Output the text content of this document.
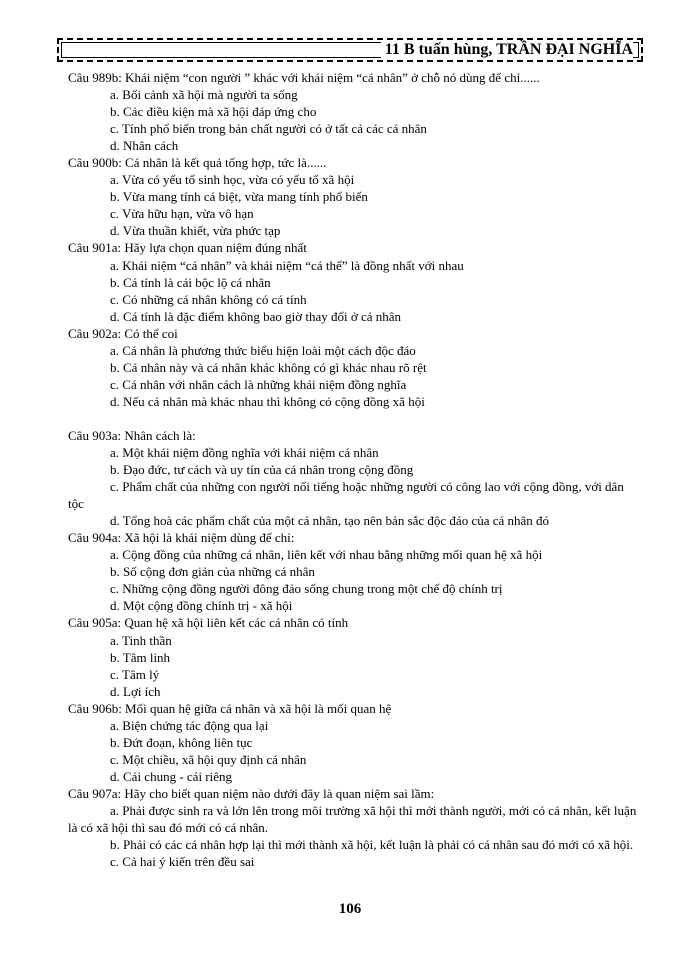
11 B tuấn hùng, TRẦN ĐẠI NGHĨA
Câu 989b: Khái niệm “con người ” khác với khái niệm “cá nhân” ở chỗ nó dùng để chỉ......
a. Bối cảnh xã hội mà người ta sống
b. Các điều kiện mà xã hội đáp ứng cho
c. Tính phổ biến trong bản chất người có ở tất cả các cá nhân
d. Nhân cách
Câu 900b: Cá nhân là kết quả tổng hợp, tức là......
a. Vừa có yếu tố sinh học, vừa có yếu tố xã hội
b. Vừa mang tính cá biệt, vừa mang tính phổ biến
c. Vừa hữu hạn, vừa vô hạn
d. Vừa thuần khiết, vừa phức tạp
Câu 901a: Hãy lựa chọn quan niệm đúng nhất
a. Khái niệm “cá nhân” và khái niệm “cá thể” là đồng nhất với nhau
b. Cá tính là cái bộc lộ cá nhân
c. Có những cá nhân không có cá tính
d. Cá tính là đặc điểm không bao giờ thay đổi ở cá nhân
Câu 902a: Có thể coi
a. Cá nhân là phương thức biểu hiện loài một cách độc đáo
b. Cá nhân này và cá nhân khác không có gì khác nhau rõ rệt
c. Cá nhân với nhân cách là những khái niệm đồng nghĩa
d. Nếu cá nhân mà khác nhau thì không có cộng đồng xã hội
Câu 903a: Nhân cách là:
a. Một khái niệm đồng nghĩa với khái niệm cá nhân
b. Đạo đức, tư cách và uy tín của cá nhân trong cộng đồng
c. Phẩm chất của những con người nổi tiếng hoặc những người có công lao với cộng đồng, với dân tộc
d. Tổng hoà các phẩm chất của một cá nhân, tạo nên bản sắc độc đáo của cá nhân đó
Câu 904a: Xã hội là khái niệm dùng để chỉ:
a. Cộng đồng của những cá nhân, liên kết với nhau bằng những mối quan hệ xã hội
b. Số cộng đơn giản của những cá nhân
c. Những cộng đồng người đông đảo sống chung trong một chế độ chính trị
d. Một cộng đồng chính trị - xã hội
Câu 905a: Quan hệ xã hội liên kết các cá nhân có tính
a. Tinh thần
b. Tâm linh
c. Tâm lý
d. Lợi ích
Câu 906b: Mối quan hệ giữa cá nhân và xã hội là mối quan hệ
a. Biện chứng tác động qua lại
b. Đứt đoạn, không liên tục
c. Một chiều, xã hội quy định cá nhân
d. Cái chung - cái riêng
Câu 907a: Hãy cho biết quan niệm nào dưới đây là quan niệm sai lầm:
a. Phải được sinh ra và lớn lên trong môi trường xã hội thì mới thành người, mới có cá nhân, kết luận là có xã hội thì sau đó mới có cá nhân.
b. Phải có các cá nhân hợp lại thì mới thành xã hội, kết luận là phải có cá nhân sau đó mới có xã hội.
c. Cả hai ý kiến trên đều sai
106
